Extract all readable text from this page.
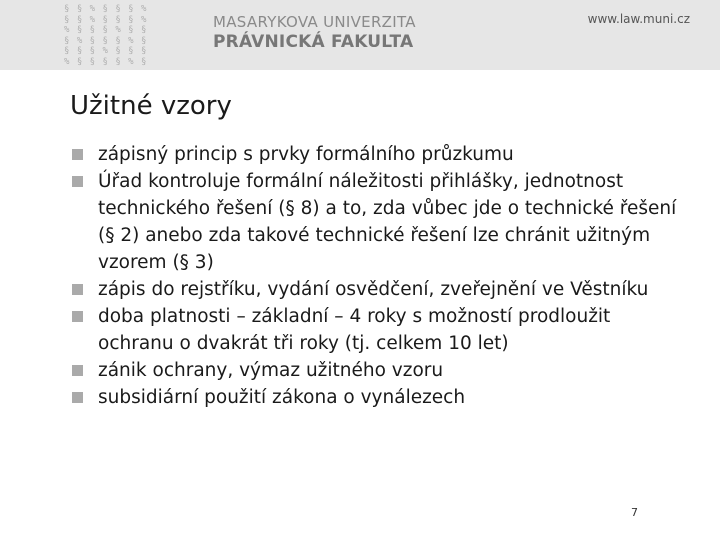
§ § % § § § %
§ § % § § § %
% § § § % § §
§ % § § § % §
§ § § % § § §
% § § § § % §
MASARYKOVA UNIVERZITA
PRÁVNICKÁ FAKULTA
www.law.muni.cz
Užitné vzory
zápisný princip s prvky formálního průzkumu
Úřad kontroluje formální náležitosti přihlášky, jednotnost technického řešení (§ 8) a to, zda vůbec jde o technické řešení (§ 2) anebo zda takové technické řešení lze chránit užitným vzorem (§ 3)
zápis do rejstříku, vydání osvědčení, zveřejnění ve Věstníku
doba platnosti – základní – 4 roky s možností prodloužit ochranu o dvakrát tři roky (tj. celkem 10 let)
zánik ochrany, výmaz užitného vzoru
subsidiární použití zákona o vynálezech
7
